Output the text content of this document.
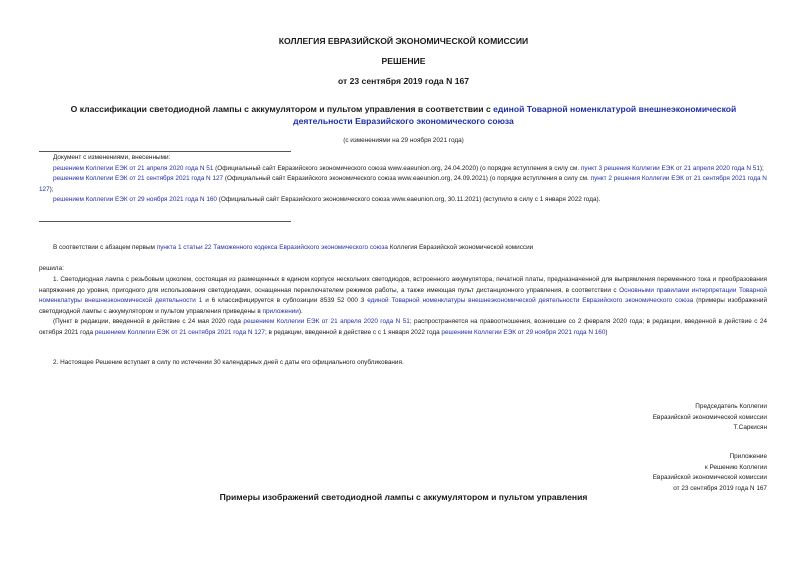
КОЛЛЕГИЯ ЕВРАЗИЙСКОЙ ЭКОНОМИЧЕСКОЙ КОМИССИИ
РЕШЕНИЕ
от 23 сентября 2019 года N 167
О классификации светодиодной лампы с аккумулятором и пультом управления в соответствии с единой Товарной номенклатурой внешнеэкономической деятельности Евразийского экономического союза
(с изменениями на 29 ноября 2021 года)
Документ с изменениями, внесенными:
решением Коллегии ЕЭК от 21 апреля 2020 года N 51 (Официальный сайт Евразийского экономического союза www.eaeunion.org, 24.04.2020) (о порядке вступления в силу см. пункт 3 решения Коллегии ЕЭК от 21 апреля 2020 года N 51);
решением Коллегии ЕЭК от 21 сентября 2021 года N 127 (Официальный сайт Евразийского экономического союза www.eaeunion.org, 24.09.2021) (о порядке вступления в силу см. пункт 2 решения Коллегии ЕЭК от 21 сентября 2021 года N 127);
решением Коллегии ЕЭК от 29 ноября 2021 года N 160 (Официальный сайт Евразийского экономического союза www.eaeunion.org, 30.11.2021) (вступило в силу с 1 января 2022 года).
В соответствии с абзацем первым пункта 1 статьи 22 Таможенного кодекса Евразийского экономического союза Коллегия Евразийской экономической комиссии
решила:
1. Светодиодная лампа с резьбовым цоколем, состоящая из размещенных в едином корпусе нескольких светодиодов, встроенного аккумулятора, печатной платы, предназначенной для выпрямления переменного тока и преобразования напряжения до уровня, пригодного для использования светодиодами, оснащенная переключателем режимов работы, а также имеющая пульт дистанционного управления, в соответствии с Основными правилами интерпретации Товарной номенклатуры внешнеэкономической деятельности 1 и 6 классифицируется в субпозиции 8539 52 000 3 единой Товарной номенклатуры внешнеэкономической деятельности Евразийского экономического союза (примеры изображений светодиодной лампы с аккумулятором и пультом управления приведены в приложении).
(Пункт в редакции, введенной в действие с 24 мая 2020 года решением Коллегии ЕЭК от 21 апреля 2020 года N 51; распространяется на правоотношения, возникшие со 2 февраля 2020 года; в редакции, введенной в действие с 24 октября 2021 года решением Коллегии ЕЭК от 21 сентября 2021 года N 127; в редакции, введенной в действие с с 1 января 2022 года решением Коллегии ЕЭК от 29 ноября 2021 года N 160)
2. Настоящее Решение вступает в силу по истечении 30 календарных дней с даты его официального опубликования.
Председатель Коллегии
Евразийской экономической комиссии
Т.Саркисян
Приложение
к Решению Коллегии
Евразийской экономической комиссии
от 23 сентября 2019 года N 167
Примеры изображений светодиодной лампы с аккумулятором и пультом управления
